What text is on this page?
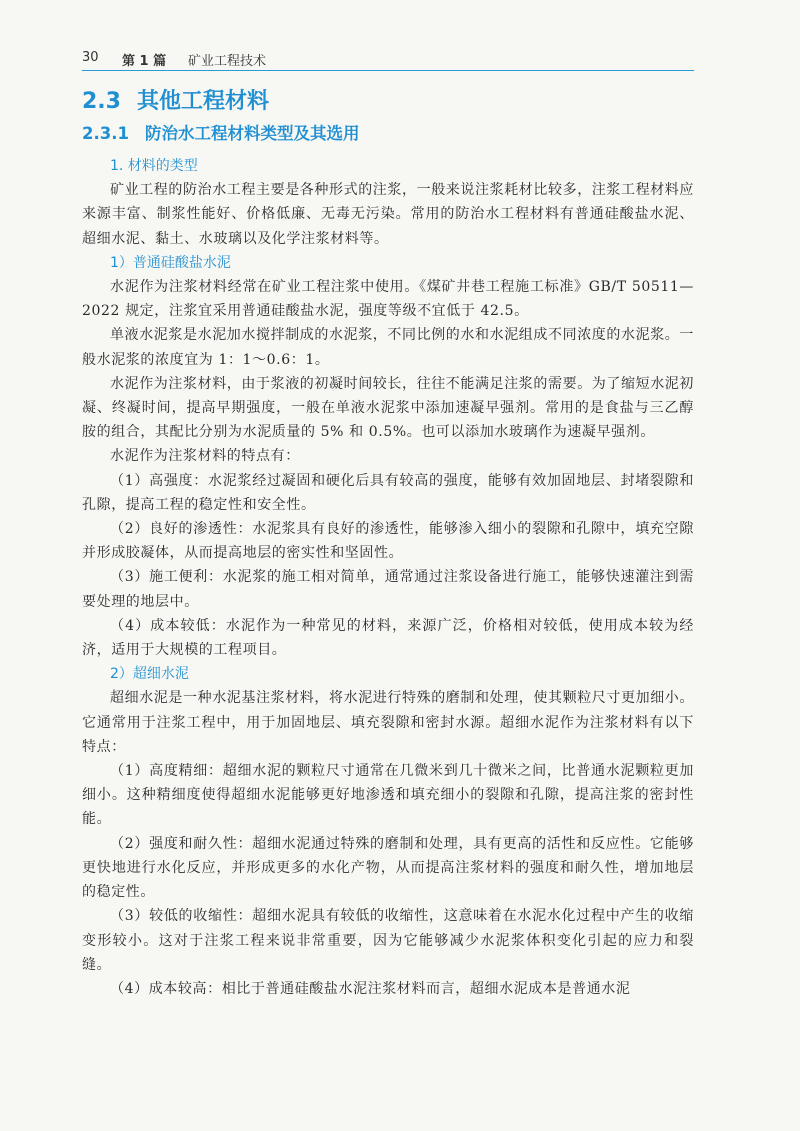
30 第 1 篇 矿业工程技术
2.3 其他工程材料
2.3.1 防治水工程材料类型及其选用

1. 材料的类型

矿业工程的防治水工程主要是各种形式的注浆，一般来说注浆耗材比较多，注浆工程材料应来源丰富、制浆性能好、价格低廉、无毒无污染。常用的防治水工程材料有普通硅酸盐水泥、超细水泥、黏土、水玻璃以及化学注浆材料等。

1）普通硅酸盐水泥

水泥作为注浆材料经常在矿业工程注浆中使用。《煤矿井巷工程施工标准》GB/T 50511—2022 规定，注浆宜采用普通硅酸盐水泥，强度等级不宜低于 42.5。

单液水泥浆是水泥加水搅拌制成的水泥浆，不同比例的水和水泥组成不同浓度的水泥浆。一般水泥浆的浓度宜为 1：1～0.6：1。

水泥作为注浆材料，由于浆液的初凝时间较长，往往不能满足注浆的需要。为了缩短水泥初凝、终凝时间，提高早期强度，一般在单液水泥浆中添加速凝早强剂。常用的是食盐与三乙醇胺的组合，其配比分别为水泥质量的 5% 和 0.5%。也可以添加水玻璃作为速凝早强剂。

水泥作为注浆材料的特点有：

（1）高强度：水泥浆经过凝固和硬化后具有较高的强度，能够有效加固地层、封堵裂隙和孔隙，提高工程的稳定性和安全性。

（2）良好的渗透性：水泥浆具有良好的渗透性，能够渗入细小的裂隙和孔隙中，填充空隙并形成胶凝体，从而提高地层的密实性和坚固性。

（3）施工便利：水泥浆的施工相对简单，通常通过注浆设备进行施工，能够快速灌注到需要处理的地层中。

（4）成本较低：水泥作为一种常见的材料，来源广泛，价格相对较低，使用成本较为经济，适用于大规模的工程项目。

2）超细水泥

超细水泥是一种水泥基注浆材料，将水泥进行特殊的磨制和处理，使其颗粒尺寸更加细小。它通常用于注浆工程中，用于加固地层、填充裂隙和密封水源。超细水泥作为注浆材料有以下特点：

（1）高度精细：超细水泥的颗粒尺寸通常在几微米到几十微米之间，比普通水泥颗粒更加细小。这种精细度使得超细水泥能够更好地渗透和填充细小的裂隙和孔隙，提高注浆的密封性能。

（2）强度和耐久性：超细水泥通过特殊的磨制和处理，具有更高的活性和反应性。它能够更快地进行水化反应，并形成更多的水化产物，从而提高注浆材料的强度和耐久性，增加地层的稳定性。

（3）较低的收缩性：超细水泥具有较低的收缩性，这意味着在水泥水化过程中产生的收缩变形较小。这对于注浆工程来说非常重要，因为它能够减少水泥浆体积变化引起的应力和裂缝。

（4）成本较高：相比于普通硅酸盐水泥注浆材料而言，超细水泥成本是普通水泥
